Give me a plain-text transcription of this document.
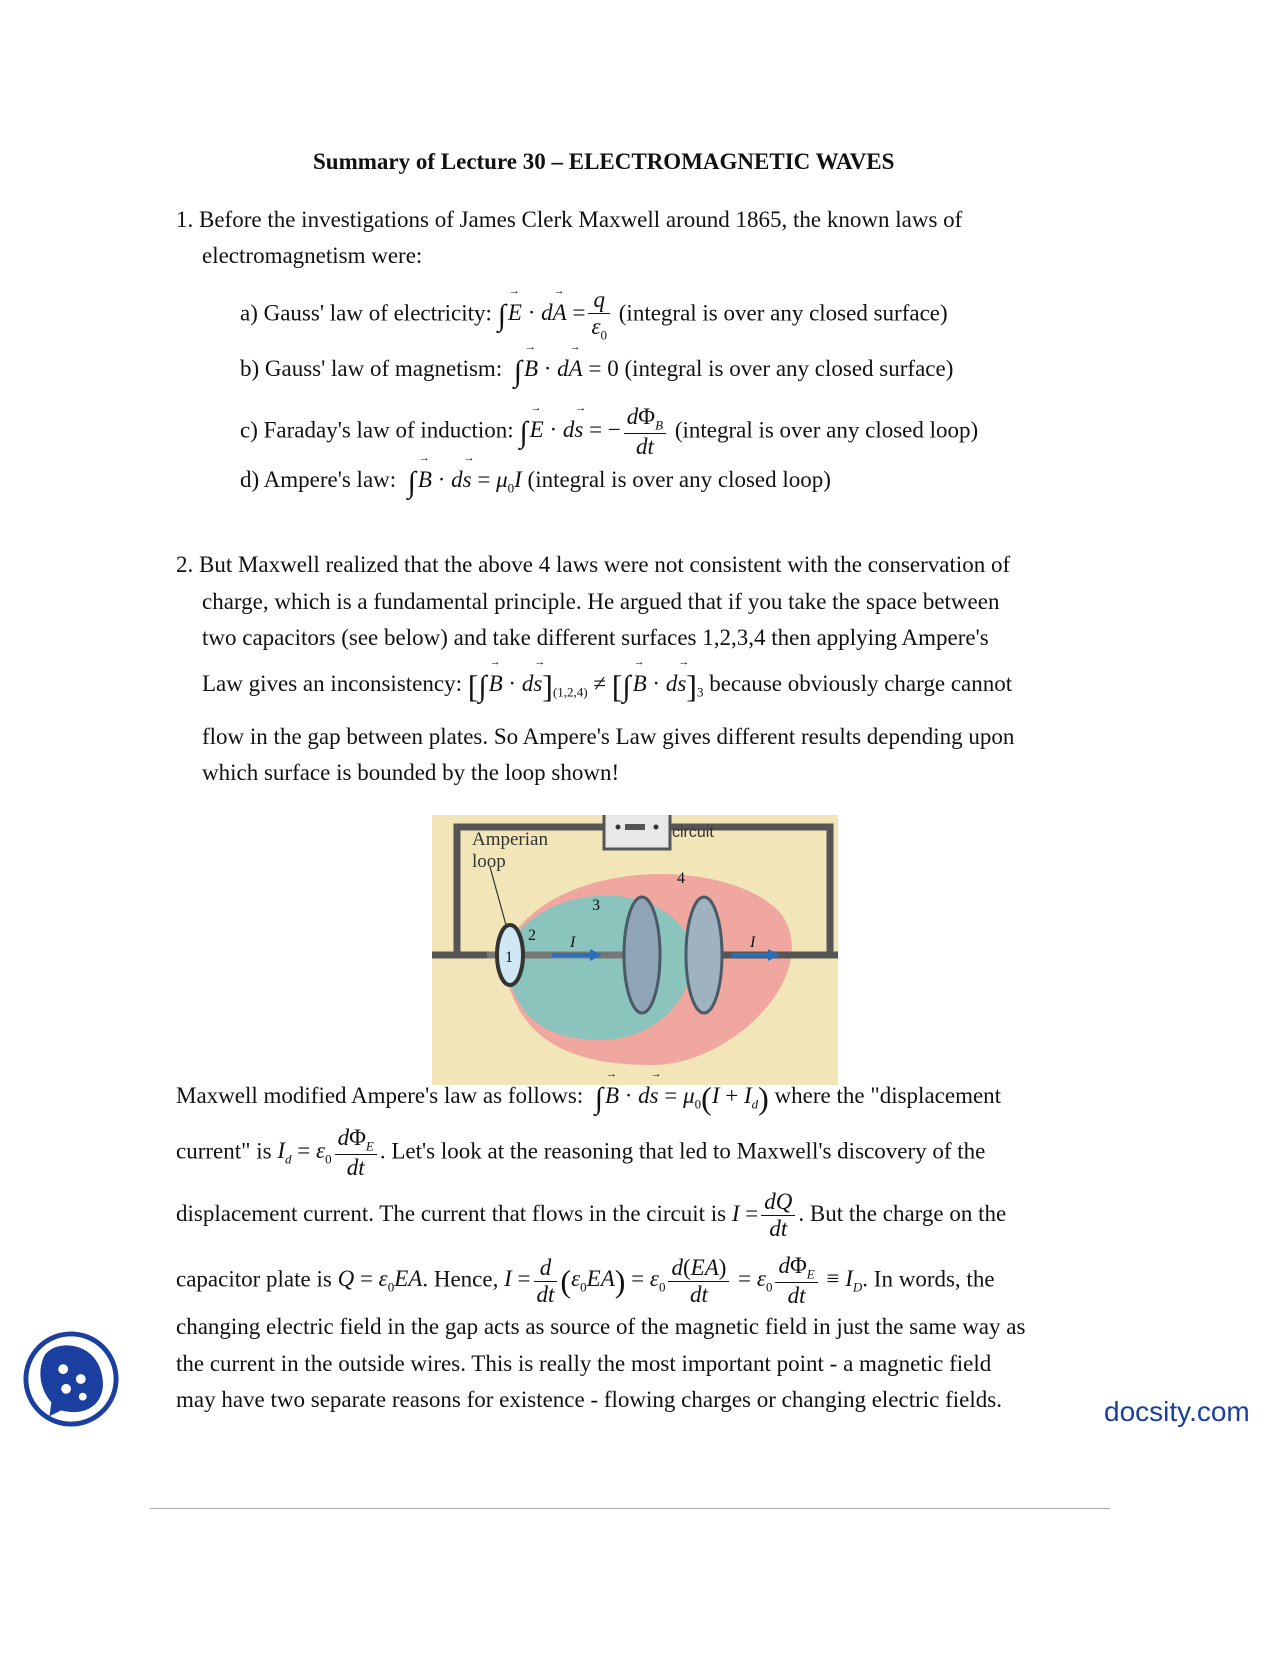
Summary of Lecture 30 – ELECTROMAGNETIC WAVES
1. Before the investigations of James Clerk Maxwell around 1865, the known laws of
electromagnetism were:
a) Gauss' law of electricity: ∫→ $E \cdot d\to A = \frac{q}{\varepsilon_0}$ (integral is over any closed surface)
b) Gauss' law of magnetism: ∫→ B · d→ A = 0 (integral is over any closed surface)
c) Faraday's law of induction: ∫→ E · d→ s = − $\frac{d\Phi_B}{dt}$ (integral is over any closed loop)
d) Ampere's law: ∫→ $B \cdot d\to s = \mu_0I$ (integral is over any closed loop)
2. But Maxwell realized that the above 4 laws were not consistent with the conservation of
charge, which is a fundamental principle. He argued that if you take the space between
two capacitors (see below) and take different surfaces 1,2,3,4 then applying Ampere's
Law gives an inconsistency: [∫→ $B \cdot d\to s]_{(1,2,4)}$ ≠ [∫→ $B \cdot d\to s]_3$ because obviously charge cannot
flow in the gap between plates. So Ampere's Law gives different results depending upon
which surface is bounded by the loop shown!
Amperian
loop
circuit
1
2
3
4
I	I
Maxwell modified Ampere's law as follows: ∫→ $B \cdot d\to s = \mu_0(I + I_d)$ where the "displacement
current" is $I_d = \varepsilon_0 \frac{d\Phi_E}{dt}$ . Let's look at the reasoning that led to Maxwell's discovery of the
displacement current. The current that flows in the circuit is $I = \frac{dQ}{dt}$ . But the charge on the
capacitor plate is $Q = \varepsilon_0EA$. Hence, $I = \frac{d}{dt} (\varepsilon_0EA) = \varepsilon_0 \frac{d(EA)}{dt} = \varepsilon_0 \frac{d\Phi_E}{dt} \equiv I_D$. In words, the
changing electric field in the gap acts as source of the magnetic field in just the same way as
the current in the outside wires. This is really the most important point - a magnetic field
may have two separate reasons for existence - flowing charges or changing electric fields.	docsity.com
